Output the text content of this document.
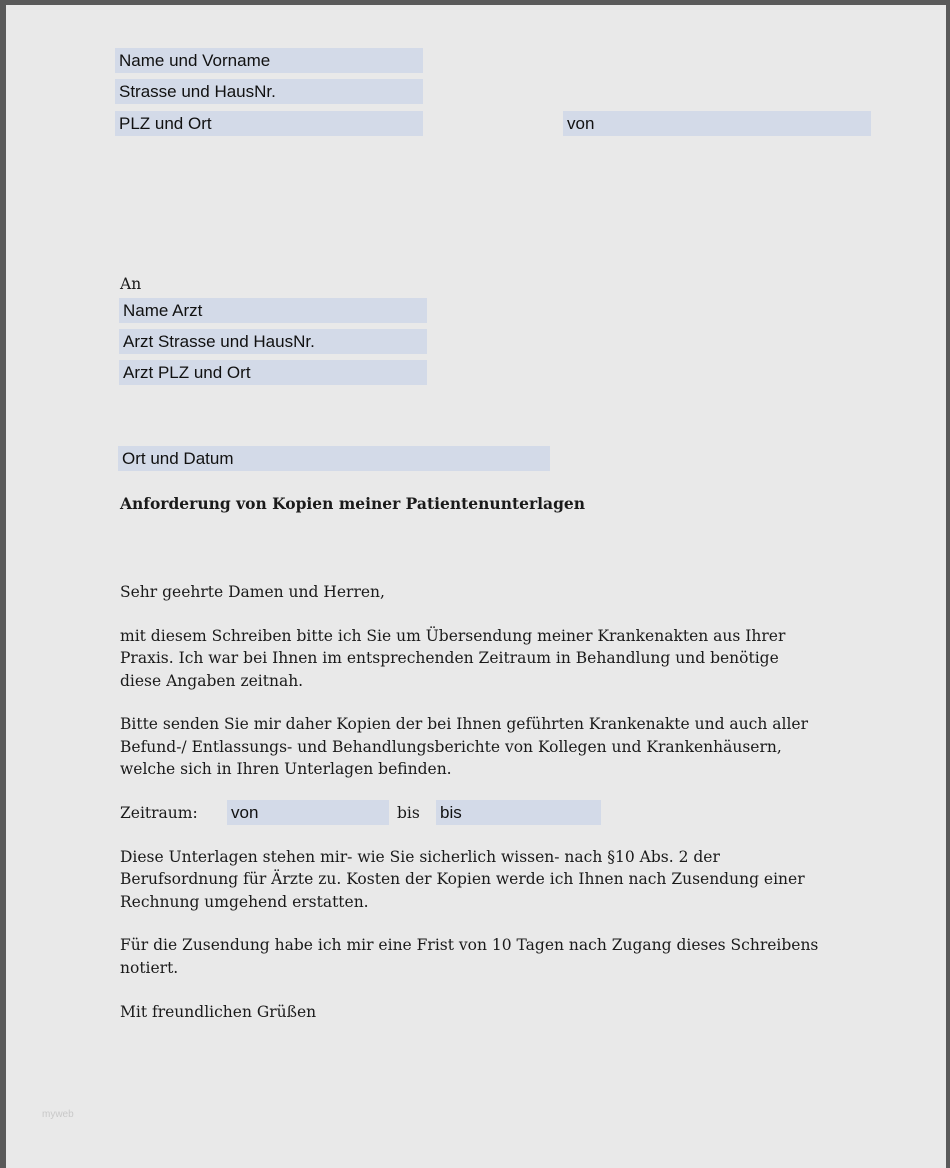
Name und Vorname
Strasse und HausNr.
PLZ und Ort	von
An
Name Arzt
Arzt Strasse und HausNr.
Arzt PLZ und Ort
Ort und Datum
Anforderung von Kopien meiner Patientenunterlagen
Sehr geehrte Damen und Herren,
mit diesem Schreiben bitte ich Sie um Übersendung meiner Krankenakten aus Ihrer
Praxis. Ich war bei Ihnen im entsprechenden Zeitraum in Behandlung und benötige
diese Angaben zeitnah.
Bitte senden Sie mir daher Kopien der bei Ihnen geführten Krankenakte und auch aller
Befund-/ Entlassungs- und Behandlungsberichte von Kollegen und Krankenhäusern,
welche sich in Ihren Unterlagen befinden.
Zeitraum: von	bis bis
Diese Unterlagen stehen mir- wie Sie sicherlich wissen- nach §10 Abs. 2 der
Berufsordnung für Ärzte zu. Kosten der Kopien werde ich Ihnen nach Zusendung einer
Rechnung umgehend erstatten.
Für die Zusendung habe ich mir eine Frist von 10 Tagen nach Zugang dieses Schreibens
notiert.
Mit freundlichen Grüßen
myweb
